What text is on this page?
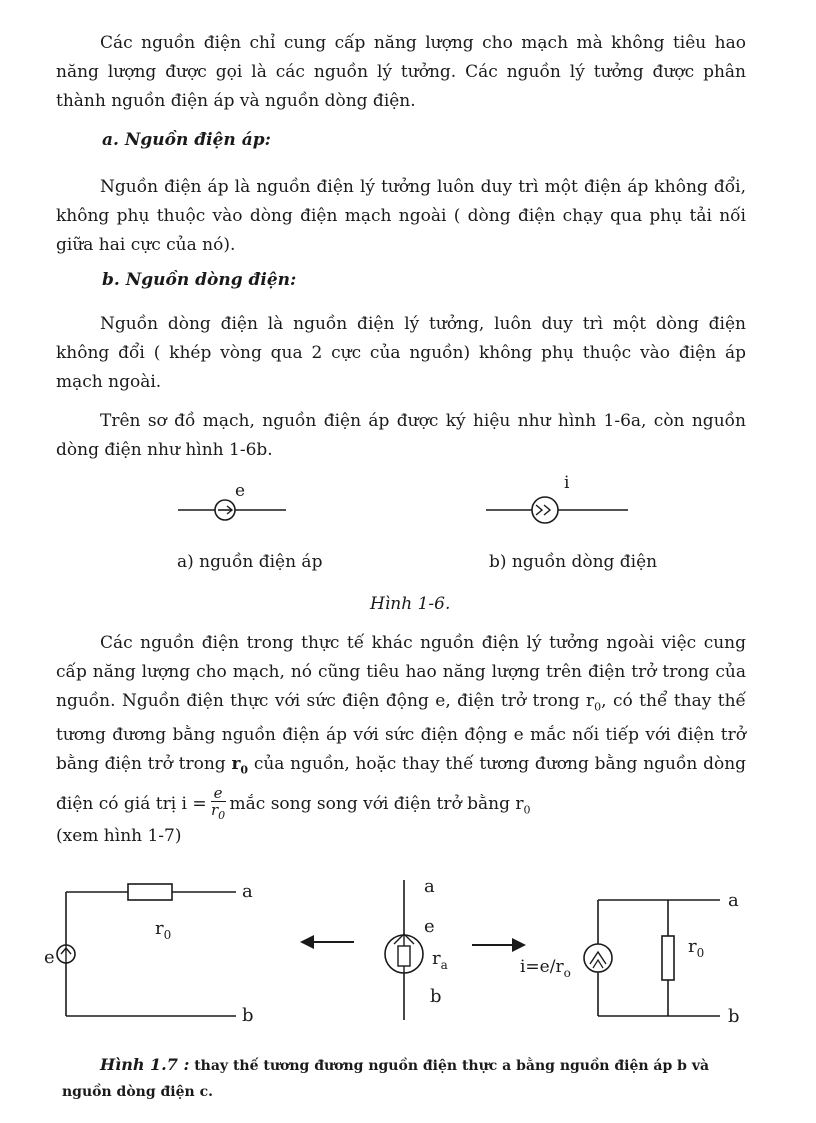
Các nguồn điện chỉ cung cấp năng lượng cho mạch mà không tiêu hao năng lượng được gọi là các nguồn lý tưởng. Các nguồn lý tưởng được phân thành nguồn điện áp và nguồn dòng điện.

a. Nguồn điện áp:

Nguồn điện áp là nguồn điện lý tưởng luôn duy trì một điện áp không đổi, không phụ thuộc vào dòng điện mạch ngoài ( dòng điện chạy qua phụ tải nối giữa hai cực của nó).

b. Nguồn dòng điện:

Nguồn dòng điện là nguồn điện lý tưởng, luôn duy trì một dòng điện không đổi ( khép vòng qua 2 cực của nguồn) không phụ thuộc vào điện áp mạch ngoài.

Trên sơ đồ mạch, nguồn điện áp được ký hiệu như hình 1-6a, còn nguồn dòng điện như hình 1-6b.

e	i
a) nguồn điện áp	b) nguồn dòng điện
Hình 1-6.

Các nguồn điện trong thực tế khác nguồn điện lý tưởng ngoài việc cung cấp năng lượng cho mạch, nó cũng tiêu hao năng lượng trên điện trở trong của nguồn. Nguồn điện thực với sức điện động e, điện trở trong $r_0$, có thể thay thế tương đương bằng nguồn điện áp với sức điện động e mắc nối tiếp với điện trở bằng điện trở trong $r_0$ của nguồn, hoặc thay thế tương đương bằng nguồn dòng điện có giá trị $i = \frac{e}{r_0}$ mắc song song với điện trở bằng $r_0$

(xem hình 1-7)
a
b
e
$r_0$
a
e
$r_a$
b
a
b
$r_0$
$i=e/r_o$
Hình 1.7 : thay thế tương đương nguồn điện thực a bằng nguồn điện áp b và nguồn dòng điện c.
